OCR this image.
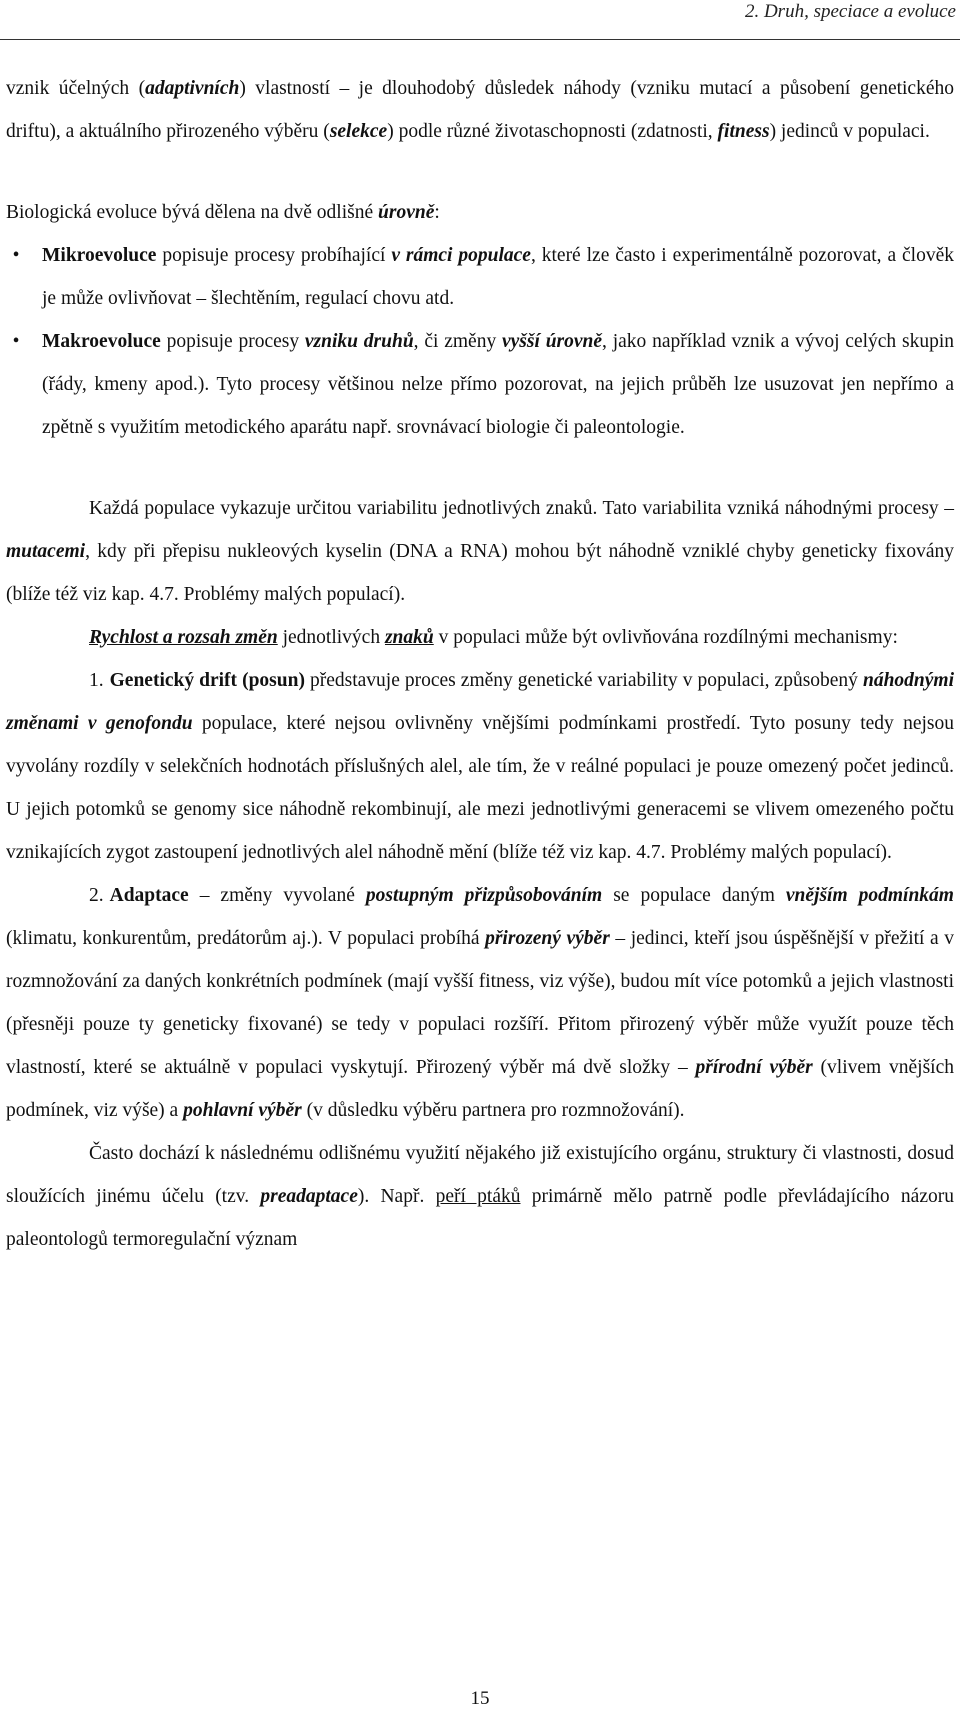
2. Druh, speciace a evoluce

vznik účelných (adaptivních) vlastností – je dlouhodobý důsledek náhody (vzniku mutací a působení genetického driftu), a aktuálního přirozeného výběru (selekce) podle různé životaschopnosti (zdatnosti, fitness) jedinců v populaci.

Biologická evoluce bývá dělena na dvě odlišné úrovně:

•	Mikroevoluce popisuje procesy probíhající v rámci populace, které lze často i experimentálně pozorovat, a člověk je může ovlivňovat – šlechtěním, regulací chovu atd.
•	Makroevoluce popisuje procesy vzniku druhů, či změny vyšší úrovně, jako například vznik a vývoj celých skupin (řády, kmeny apod.). Tyto procesy většinou nelze přímo pozorovat, na jejich průběh lze usuzovat jen nepřímo a zpětně s využitím metodického aparátu např. srovnávací biologie či paleontologie.

Každá populace vykazuje určitou variabilitu jednotlivých znaků. Tato variabilita vzniká náhodnými procesy – mutacemi, kdy při přepisu nukleových kyselin (DNA a RNA) mohou být náhodně vzniklé chyby geneticky fixovány (blíže též viz kap. 4.7. Problémy malých populací).

Rychlost a rozsah změn jednotlivých znaků v populaci může být ovlivňována rozdílnými mechanismy:

1. Genetický drift (posun) představuje proces změny genetické variability v populaci, způsobený náhodnými změnami v genofondu populace, které nejsou ovlivněny vnějšími podmínkami prostředí. Tyto posuny tedy nejsou vyvolány rozdíly v selekčních hodnotách příslušných alel, ale tím, že v reálné populaci je pouze omezený počet jedinců. U jejich potomků se genomy sice náhodně rekombinují, ale mezi jednotlivými generacemi se vlivem omezeného počtu vznikajících zygot zastoupení jednotlivých alel náhodně mění (blíže též viz kap. 4.7. Problémy malých populací).

2. Adaptace – změny vyvolané postupným přizpůsobováním se populace daným vnějším podmínkám (klimatu, konkurentům, predátorům aj.). V populaci probíhá přirozený výběr – jedinci, kteří jsou úspěšnější v přežití a v rozmnožování za daných konkrétních podmínek (mají vyšší fitness, viz výše), budou mít více potomků a jejich vlastnosti (přesněji pouze ty geneticky fixované) se tedy v populaci rozšíří. Přitom přirozený výběr může využít pouze těch vlastností, které se aktuálně v populaci vyskytují. Přirozený výběr má dvě složky – přírodní výběr (vlivem vnějších podmínek, viz výše) a pohlavní výběr (v důsledku výběru partnera pro rozmnožování).

Často dochází k následnému odlišnému využití nějakého již existujícího orgánu, struktury či vlastnosti, dosud sloužících jinému účelu (tzv. preadaptace). Např. peří ptáků primárně mělo patrně podle převládajícího názoru paleontologů termoregulační význam

15
